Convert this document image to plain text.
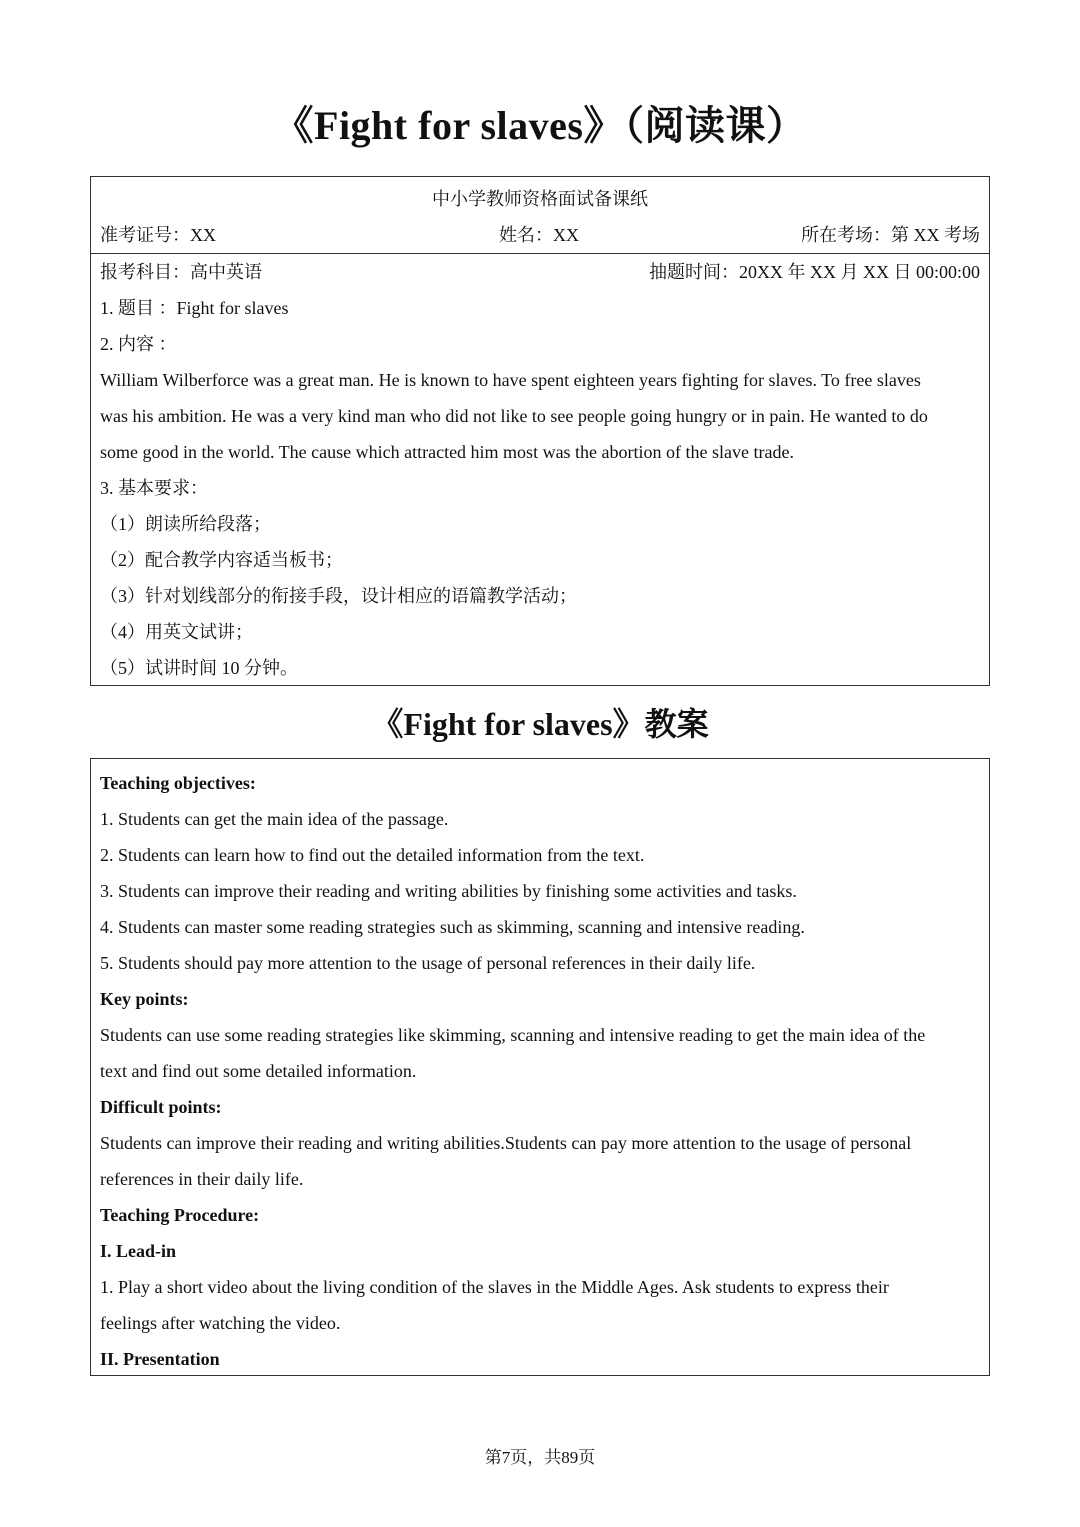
《Fight for slaves》（阅读课）
中小学教师资格面试备课纸
准考证号：XX	姓名：XX	所在考场：第 XX 考场
报考科目：高中英语	抽题时间：20XX 年 XX 月 XX 日 00:00:00
1. 题目 ：Fight for slaves
2. 内容 ：
William Wilberforce was a great man. He is known to have spent eighteen years fighting for slaves. To free slaves
was his ambition. He was a very kind man who did not like to see people going hungry or in pain. He wanted to do
some good in the world. The cause which attracted him most was the abortion of the slave trade.
3. 基本要求：
（1）朗读所给段落；
（2）配合教学内容适当板书；
（3）针对划线部分的衔接手段，设计相应的语篇教学活动；
（4）用英文试讲；
（5）试讲时间 10 分钟。
《Fight for slaves》教案
Teaching objectives:
1. Students can get the main idea of the passage.
2. Students can learn how to find out the detailed information from the text.
3. Students can improve their reading and writing abilities by finishing some activities and tasks.
4. Students can master some reading strategies such as skimming, scanning and intensive reading.
5. Students should pay more attention to the usage of personal references in their daily life.
Key points:
Students can use some reading strategies like skimming, scanning and intensive reading to get the main idea of the
text and find out some detailed information.
Difficult points:
Students can improve their reading and writing abilities.Students can pay more attention to the usage of personal
references in their daily life.
Teaching Procedure:
I. Lead-in
1. Play a short video about the living condition of the slaves in the Middle Ages. Ask students to express their
feelings after watching the video.
II. Presentation
第7页，共89页
